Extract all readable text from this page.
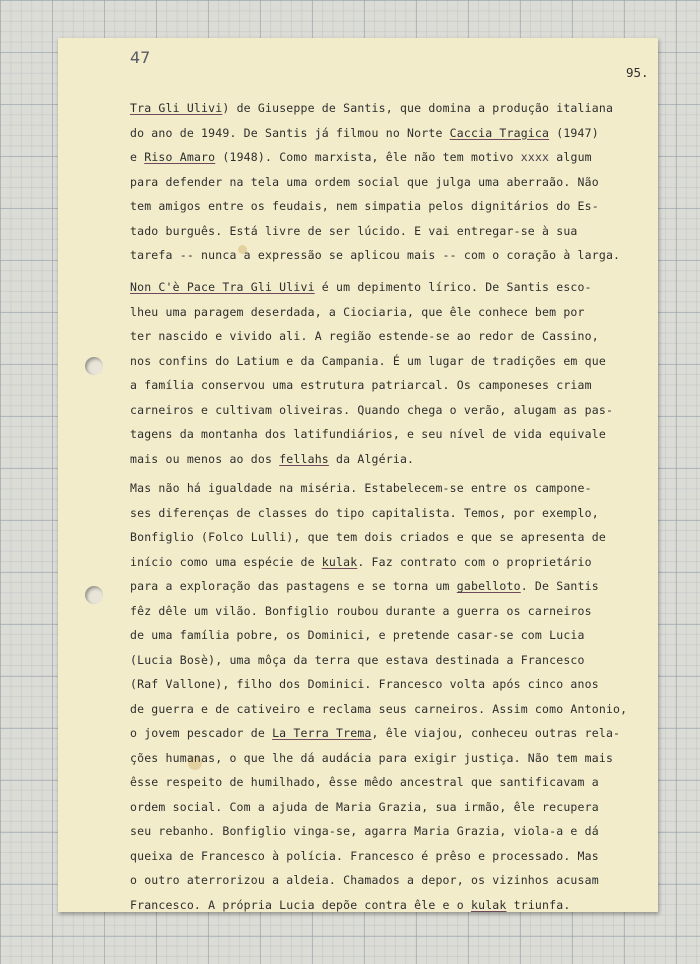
47
95.
Tra Gli Ulivi) de Giuseppe de Santis, que domina a produção italiana
do ano de 1949. De Santis já filmou no Norte Caccia Tragica (1947)
e Riso Amaro (1948). Como marxista, êle não tem motivo xxxx algum
para defender na tela uma ordem social que julga uma aberraão. Não
tem amigos entre os feudais, nem simpatia pelos dignitários do Es-
tado burguês. Está livre de ser lúcido. E vai entregar-se à sua
tarefa -- nunca a expressão se aplicou mais -- com o coração à larga.
Non C'è Pace Tra Gli Ulivi é um depimento lírico. De Santis esco-
lheu uma paragem deserdada, a Ciociaria, que êle conhece bem por
ter nascido e vivido ali. A região estende-se ao redor de Cassino,
nos confins do Latium e da Campania. É um lugar de tradições em que
a família conservou uma estrutura patriarcal. Os camponeses criam
carneiros e cultivam oliveiras. Quando chega o verão, alugam as pas-
tagens da montanha dos latifundiários, e seu nível de vida equivale
mais ou menos ao dos fellahs da Algéria.
Mas não há igualdade na miséria. Estabelecem-se entre os campone-
ses diferenças de classes do tipo capitalista. Temos, por exemplo,
Bonfiglio (Folco Lulli), que tem dois criados e que se apresenta de
início como uma espécie de kulak. Faz contrato com o proprietário
para a exploração das pastagens e se torna um gabelloto. De Santis
fêz dêle um vilão. Bonfiglio roubou durante a guerra os carneiros
de uma família pobre, os Dominici, e pretende casar-se com Lucia
(Lucia Bosè), uma môça da terra que estava destinada a Francesco
(Raf Vallone), filho dos Dominici. Francesco volta após cinco anos
de guerra e de cativeiro e reclama seus carneiros. Assim como Antonio,
o jovem pescador de La Terra Trema, êle viajou, conheceu outras rela-
ções humanas, o que lhe dá audácia para exigir justiça. Não tem mais
êsse respeito de humilhado, êsse mêdo ancestral que santificavam a
ordem social. Com a ajuda de Maria Grazia, sua irmão, êle recupera
seu rebanho. Bonfiglio vinga-se, agarra Maria Grazia, viola-a e dá
queixa de Francesco à polícia. Francesco é prêso e processado. Mas
o outro aterrorizou a aldeia. Chamados a depor, os vizinhos acusam
Francesco. A própria Lucia depõe contra êle e o kulak triunfa.
